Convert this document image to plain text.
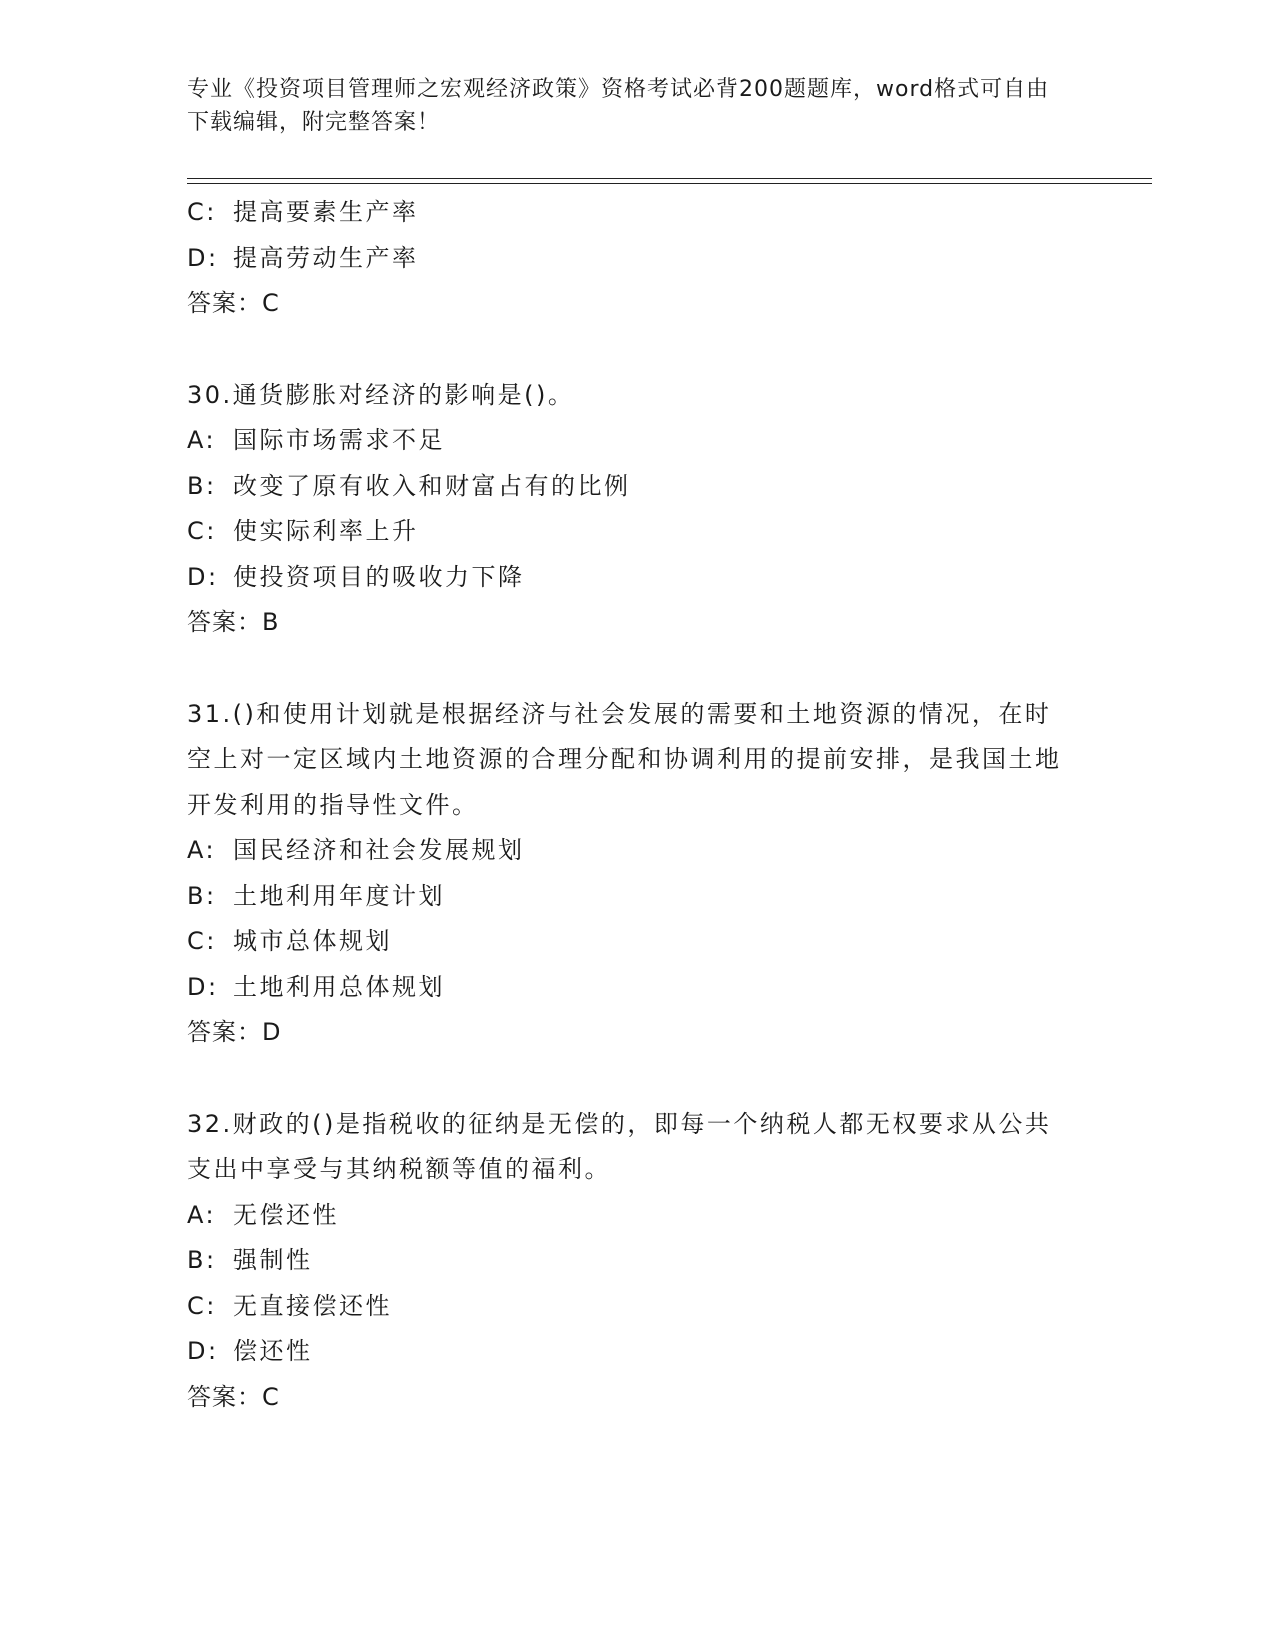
专业《投资项目管理师之宏观经济政策》资格考试必背200题题库，word格式可自由下载编辑，附完整答案！
C: 提高要素生产率
D: 提高劳动生产率
答案：C
30.通货膨胀对经济的影响是()。
A: 国际市场需求不足
B: 改变了原有收入和财富占有的比例
C: 使实际利率上升
D: 使投资项目的吸收力下降
答案：B
31.()和使用计划就是根据经济与社会发展的需要和土地资源的情况，在时空上对一定区域内土地资源的合理分配和协调利用的提前安排，是我国土地开发利用的指导性文件。
A: 国民经济和社会发展规划
B: 土地利用年度计划
C: 城市总体规划
D: 土地利用总体规划
答案：D
32.财政的()是指税收的征纳是无偿的，即每一个纳税人都无权要求从公共支出中享受与其纳税额等值的福利。
A: 无偿还性
B: 强制性
C: 无直接偿还性
D: 偿还性
答案：C
